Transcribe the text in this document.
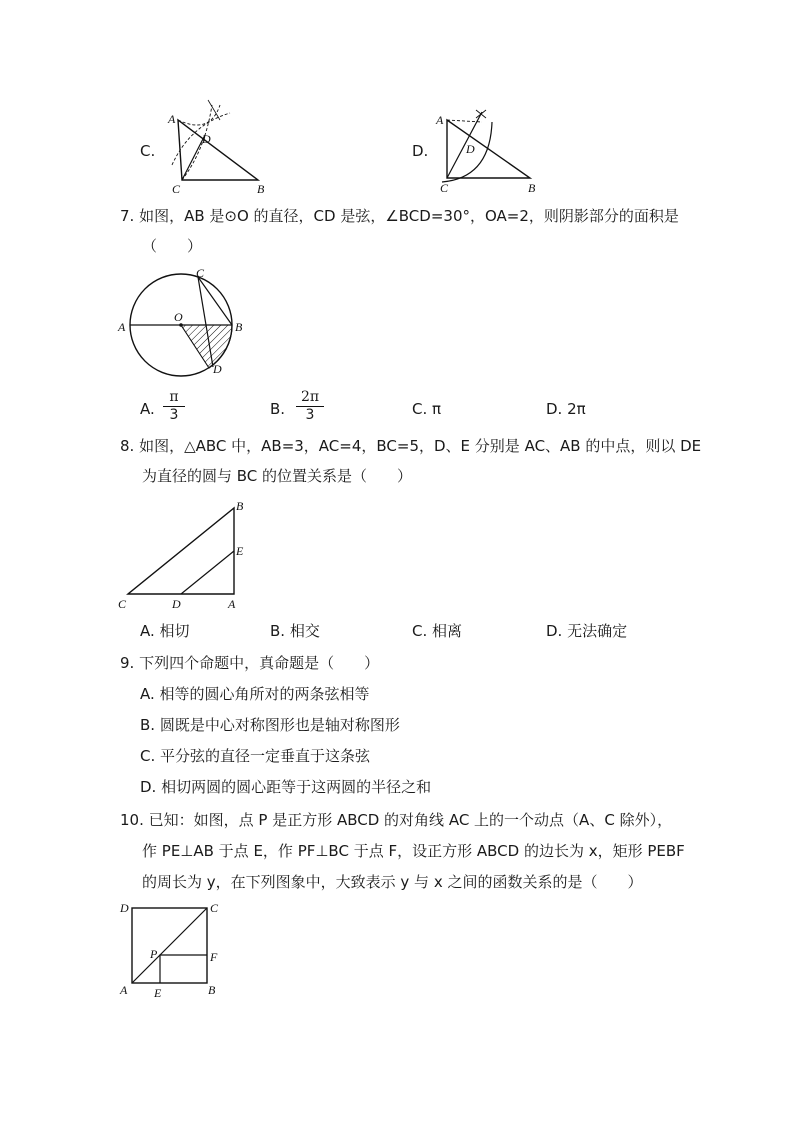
C.
A
D
C	B
D.
A
D
C	B
7. 如图，AB 是⊙O 的直径，CD 是弦，∠BCD=30°，OA=2，则阴影部分的面积是
（　　）
A	B
C
D
O
A. $\frac{\pi}{3}$	B. $\frac{2\pi}{3}$	C. π	D. 2π
8. 如图，△ABC 中，AB=3，AC=4，BC=5，D、E 分别是 AC、AB 的中点，则以 DE
为直径的圆与 BC 的位置关系是（　　）
B
E
C	D	A
A. 相切	B. 相交	C. 相离	D. 无法确定
9. 下列四个命题中，真命题是（　　）
A. 相等的圆心角所对的两条弦相等
B. 圆既是中心对称图形也是轴对称图形
C. 平分弦的直径一定垂直于这条弦
D. 相切两圆的圆心距等于这两圆的半径之和
10. 已知：如图，点 P 是正方形 ABCD 的对角线 AC 上的一个动点（A、C 除外），
作 PE⊥AB 于点 E，作 PF⊥BC 于点 F，设正方形 ABCD 的边长为 x，矩形 PEBF
的周长为 y，在下列图象中，大致表示 y 与 x 之间的函数关系的是（　　）
D	C
P	F
A E	B
